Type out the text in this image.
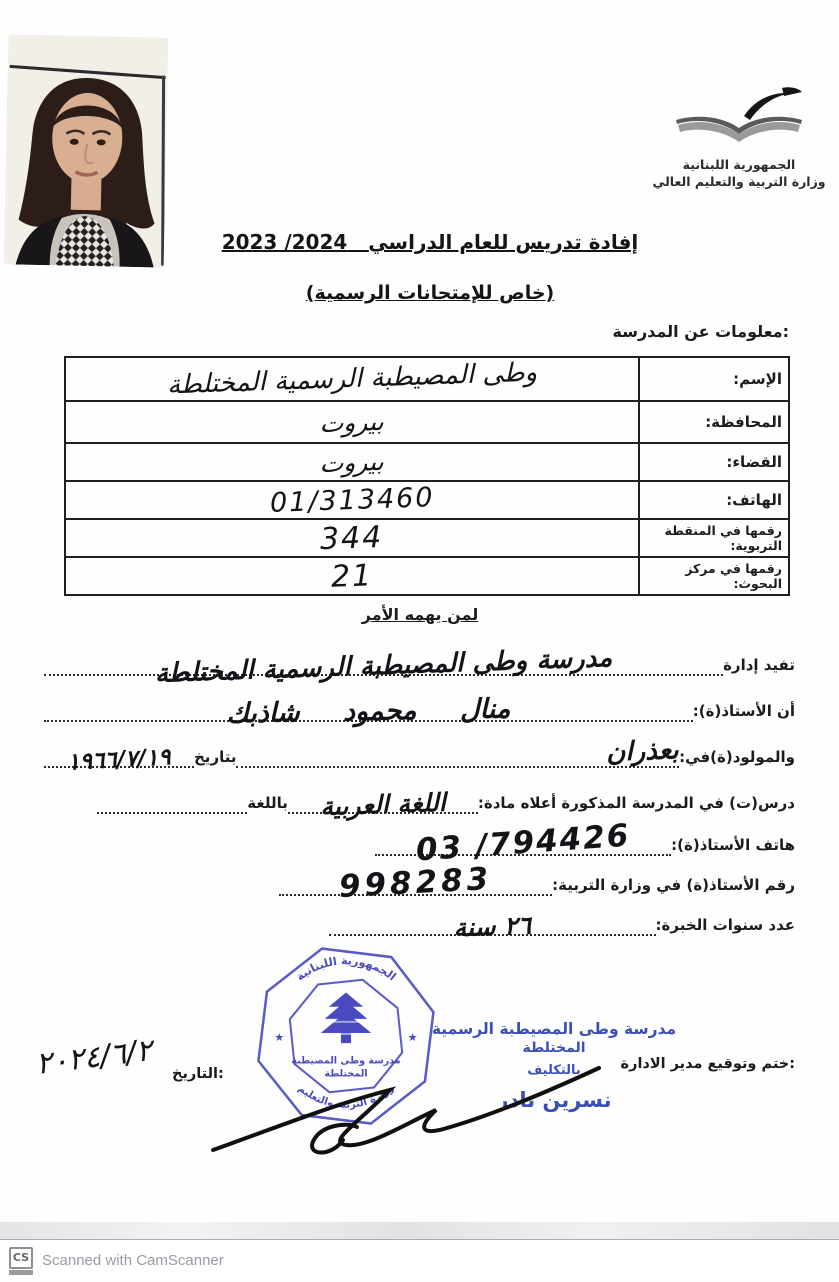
الجمهورية اللبنانية
وزارة التربية والتعليم العالي
إفادة تدريس للعام الدراسي   2023 /2024
(خاص للإمتحانات الرسمية)
معلومات عن المدرسة:
الإسم:	وطى المصيطبة الرسمية المختلطة
المحافظة:	بيروت
القضاء:	بيروت
الهاتف:	01/313460
رقمها في المنقطة التربوية:	344
رقمها في مركز البحوث:	21
لمن يهمه الأمر
تفيد إدارة
مدرسة وطى المصيطبة الرسمية المختلطة
أن الأستاذ(ة):
منال محمود شاذبك
والمولود(ة)في:
بعذران
بتاريخ
١٩٦٦/٧/١٩
درس(ت) في المدرسة المذكورة أعلاه مادة:
اللغة العربية
باللغة
هاتف الأستاذ(ة):
03 /794426
رقم الأستاذ(ة) في وزارة التربية:
998283
عدد سنوات الخبرة:
٢٦ سنة
ختم وتوقيع مدير الادارة:
الجمهورية اللبنانية
وزارة التربية والتعليم
مدرسة وطى المصيطبة
المختلطة
★	★ مدرسة وطى المصيطبة الرسمية
المختلطة
بالتكليف
نسرين نادر
التاريخ:
٢٠٢٤/٦/٢
CS Scanned with CamScanner
